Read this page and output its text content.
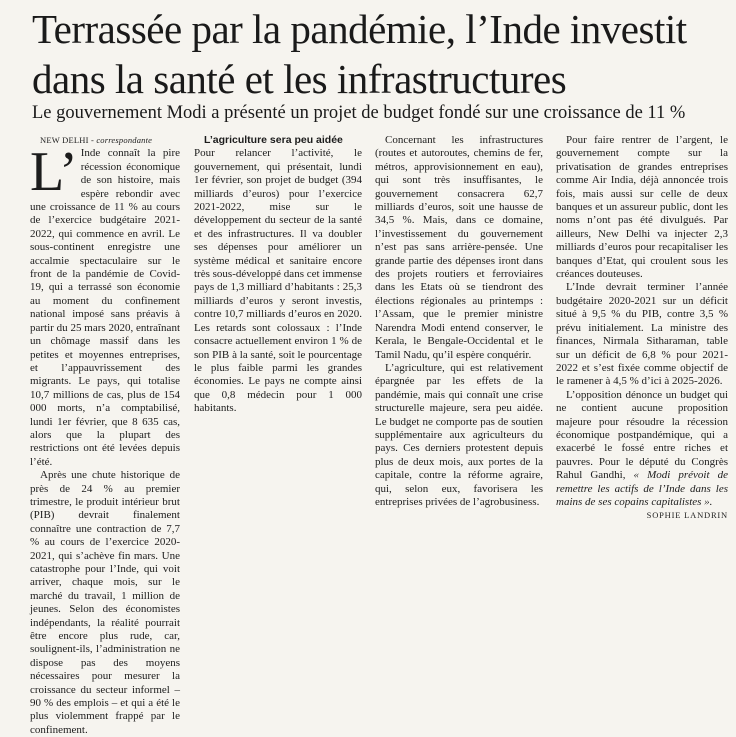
Terrassée par la pandémie, l’Inde investit dans la santé et les infrastructures

Le gouvernement Modi a présenté un projet de budget fondé sur une croissance de 11 %

NEW DELHI - correspondante

L’ Inde connaît la pire récession économique de son histoire, mais espère rebondir avec une croissance de 11 % au cours de l’exercice budgétaire 2021-2022, qui commence en avril. Le sous-continent enregistre une accalmie spectaculaire sur le front de la pandémie de Covid-19, qui a terrassé son économie au moment du confinement national imposé sans préavis à partir du 25 mars 2020, entraînant un chômage massif dans les petites et moyennes entreprises, et l’appauvrissement des migrants. Le pays, qui totalise 10,7 millions de cas, plus de 154 000 morts, n’a comptabilisé, lundi 1er février, que 8 635 cas, alors que la plupart des restrictions ont été levées depuis l’été.

Après une chute historique de près de 24 % au premier trimestre, le produit intérieur brut (PIB) devrait finalement connaître une contraction de 7,7 % au cours de l’exercice 2020-2021, qui s’achève fin mars. Une catastrophe pour l’Inde, qui voit arriver, chaque mois, sur le marché du travail, 1 million de jeunes. Selon des économistes indépendants, la réalité pourrait être encore plus rude, car, soulignent-ils, l’administration ne dispose pas des moyens nécessaires pour mesurer la croissance du secteur informel – 90 % des emplois – et qui a été le plus violemment frappé par le confinement.

L’agriculture sera peu aidée

Pour relancer l’activité, le gouvernement, qui présentait, lundi 1er février, son projet de budget (394 milliards d’euros) pour l’exercice 2021-2022, mise sur le développement du secteur de la santé et des infrastructures. Il va doubler ses dépenses pour améliorer un système médical et sanitaire encore très sous-développé dans cet immense pays de 1,3 milliard d’habitants : 25,3 milliards d’euros y seront investis, contre 10,7 milliards d’euros en 2020. Les retards sont colossaux : l’Inde consacre actuellement environ 1 % de son PIB à la santé, soit le pourcentage le plus faible parmi les grandes économies. Le pays ne compte ainsi que 0,8 médecin pour 1 000 habitants.

Concernant les infrastructures (routes et autoroutes, chemins de fer, métros, approvisionnement en eau), qui sont très insuffisantes, le gouvernement consacrera 62,7 milliards d’euros, soit une hausse de 34,5 %. Mais, dans ce domaine, l’investissement du gouvernement n’est pas sans arrière-pensée. Une grande partie des dépenses iront dans des projets routiers et ferroviaires dans les Etats où se tiendront des élections régionales au printemps : l’Assam, que le premier ministre Narendra Modi entend conserver, le Kerala, le Bengale-Occidental et le Tamil Nadu, qu’il espère conquérir.

L’agriculture, qui est relativement épargnée par les effets de la pandémie, mais qui connaît une crise structurelle majeure, sera peu aidée. Le budget ne comporte pas de soutien supplémentaire aux agriculteurs du pays. Ces derniers protestent depuis plus de deux mois, aux portes de la capitale, contre la réforme agraire, qui, selon eux, favorisera les entreprises privées de l’agrobusiness.

Pour faire rentrer de l’argent, le gouvernement compte sur la privatisation de grandes entreprises comme Air India, déjà annoncée trois fois, mais aussi sur celle de deux banques et un assureur public, dont les noms n’ont pas été divulgués. Par ailleurs, New Delhi va injecter 2,3 milliards d’euros pour recapitaliser les banques d’Etat, qui croulent sous les créances douteuses.

L’Inde devrait terminer l’année budgétaire 2020-2021 sur un déficit situé à 9,5 % du PIB, contre 3,5 % prévu initialement. La ministre des finances, Nirmala Sitharaman, table sur un déficit de 6,8 % pour 2021-2022 et s’est fixée comme objectif de le ramener à 4,5 % d’ici à 2025-2026.

L’opposition dénonce un budget qui ne contient aucune proposition majeure pour résoudre la récession économique postpandémique, qui a exacerbé le fossé entre riches et pauvres. Pour le député du Congrès Rahul Gandhi, « Modi prévoit de remettre les actifs de l’Inde dans les mains de ses copains capitalistes ».

SOPHIE LANDRIN
